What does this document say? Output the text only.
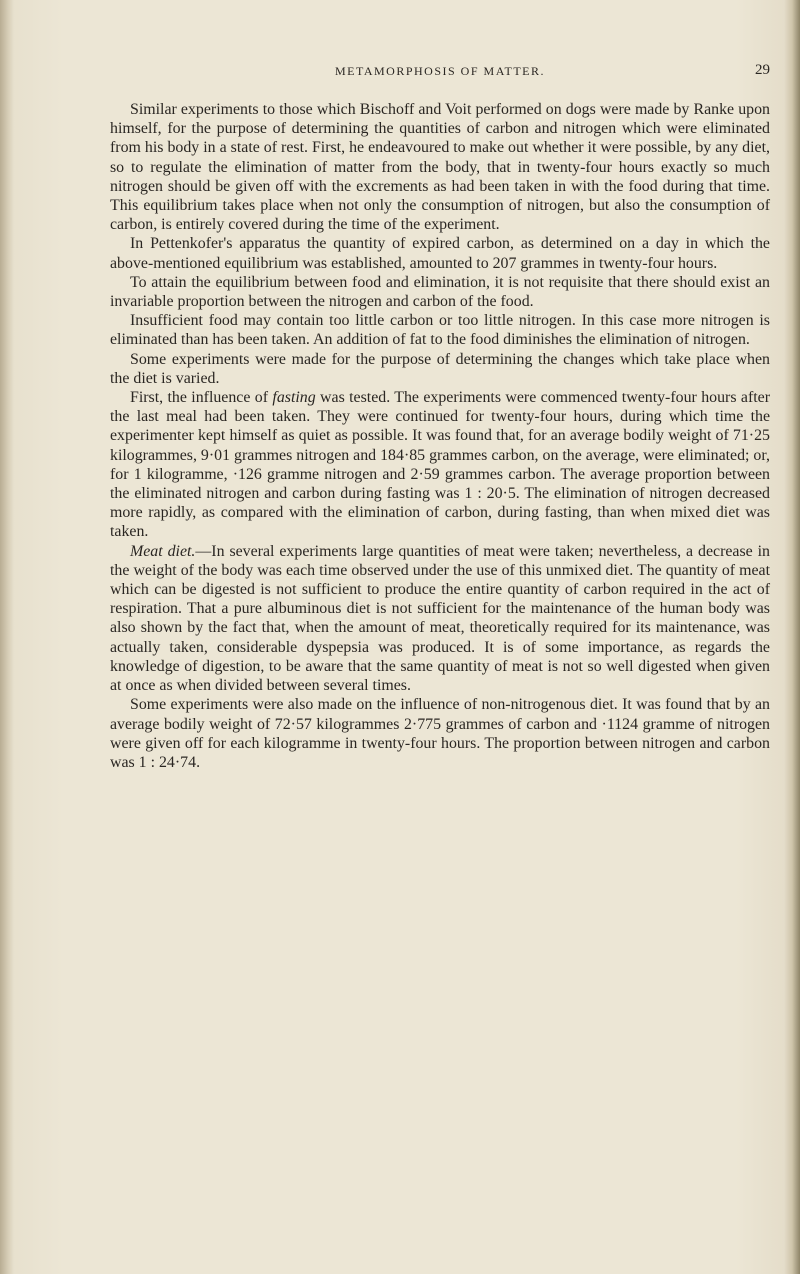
METAMORPHOSIS OF MATTER.	29

Similar experiments to those which Bischoff and Voit performed on dogs were made by Ranke upon himself, for the purpose of determining the quantities of carbon and nitrogen which were eliminated from his body in a state of rest. First, he endeavoured to make out whether it were possible, by any diet, so to regulate the elimination of matter from the body, that in twenty-four hours exactly so much nitrogen should be given off with the excrements as had been taken in with the food during that time. This equilibrium takes place when not only the consumption of nitrogen, but also the consumption of carbon, is entirely covered during the time of the experiment.

In Pettenkofer's apparatus the quantity of expired carbon, as determined on a day in which the above-mentioned equilibrium was established, amounted to 207 grammes in twenty-four hours.

To attain the equilibrium between food and elimination, it is not requisite that there should exist an invariable proportion between the nitrogen and carbon of the food.

Insufficient food may contain too little carbon or too little nitrogen. In this case more nitrogen is eliminated than has been taken. An addition of fat to the food diminishes the elimination of nitrogen.

Some experiments were made for the purpose of determining the changes which take place when the diet is varied.

First, the influence of fasting was tested. The experiments were commenced twenty-four hours after the last meal had been taken. They were continued for twenty-four hours, during which time the experimenter kept himself as quiet as possible. It was found that, for an average bodily weight of 71·25 kilogrammes, 9·01 grammes nitrogen and 184·85 grammes carbon, on the average, were eliminated; or, for 1 kilogramme, ·126 gramme nitrogen and 2·59 grammes carbon. The average proportion between the eliminated nitrogen and carbon during fasting was 1 : 20·5. The elimination of nitrogen decreased more rapidly, as compared with the elimination of carbon, during fasting, than when mixed diet was taken.

Meat diet.—In several experiments large quantities of meat were taken; nevertheless, a decrease in the weight of the body was each time observed under the use of this unmixed diet. The quantity of meat which can be digested is not sufficient to produce the entire quantity of carbon required in the act of respiration. That a pure albuminous diet is not sufficient for the maintenance of the human body was also shown by the fact that, when the amount of meat, theoretically required for its maintenance, was actually taken, considerable dyspepsia was produced. It is of some importance, as regards the knowledge of digestion, to be aware that the same quantity of meat is not so well digested when given at once as when divided between several times.

Some experiments were also made on the influence of non-nitrogenous diet. It was found that by an average bodily weight of 72·57 kilogrammes 2·775 grammes of carbon and ·1124 gramme of nitrogen were given off for each kilogramme in twenty-four hours. The proportion between nitrogen and carbon was 1 : 24·74.
